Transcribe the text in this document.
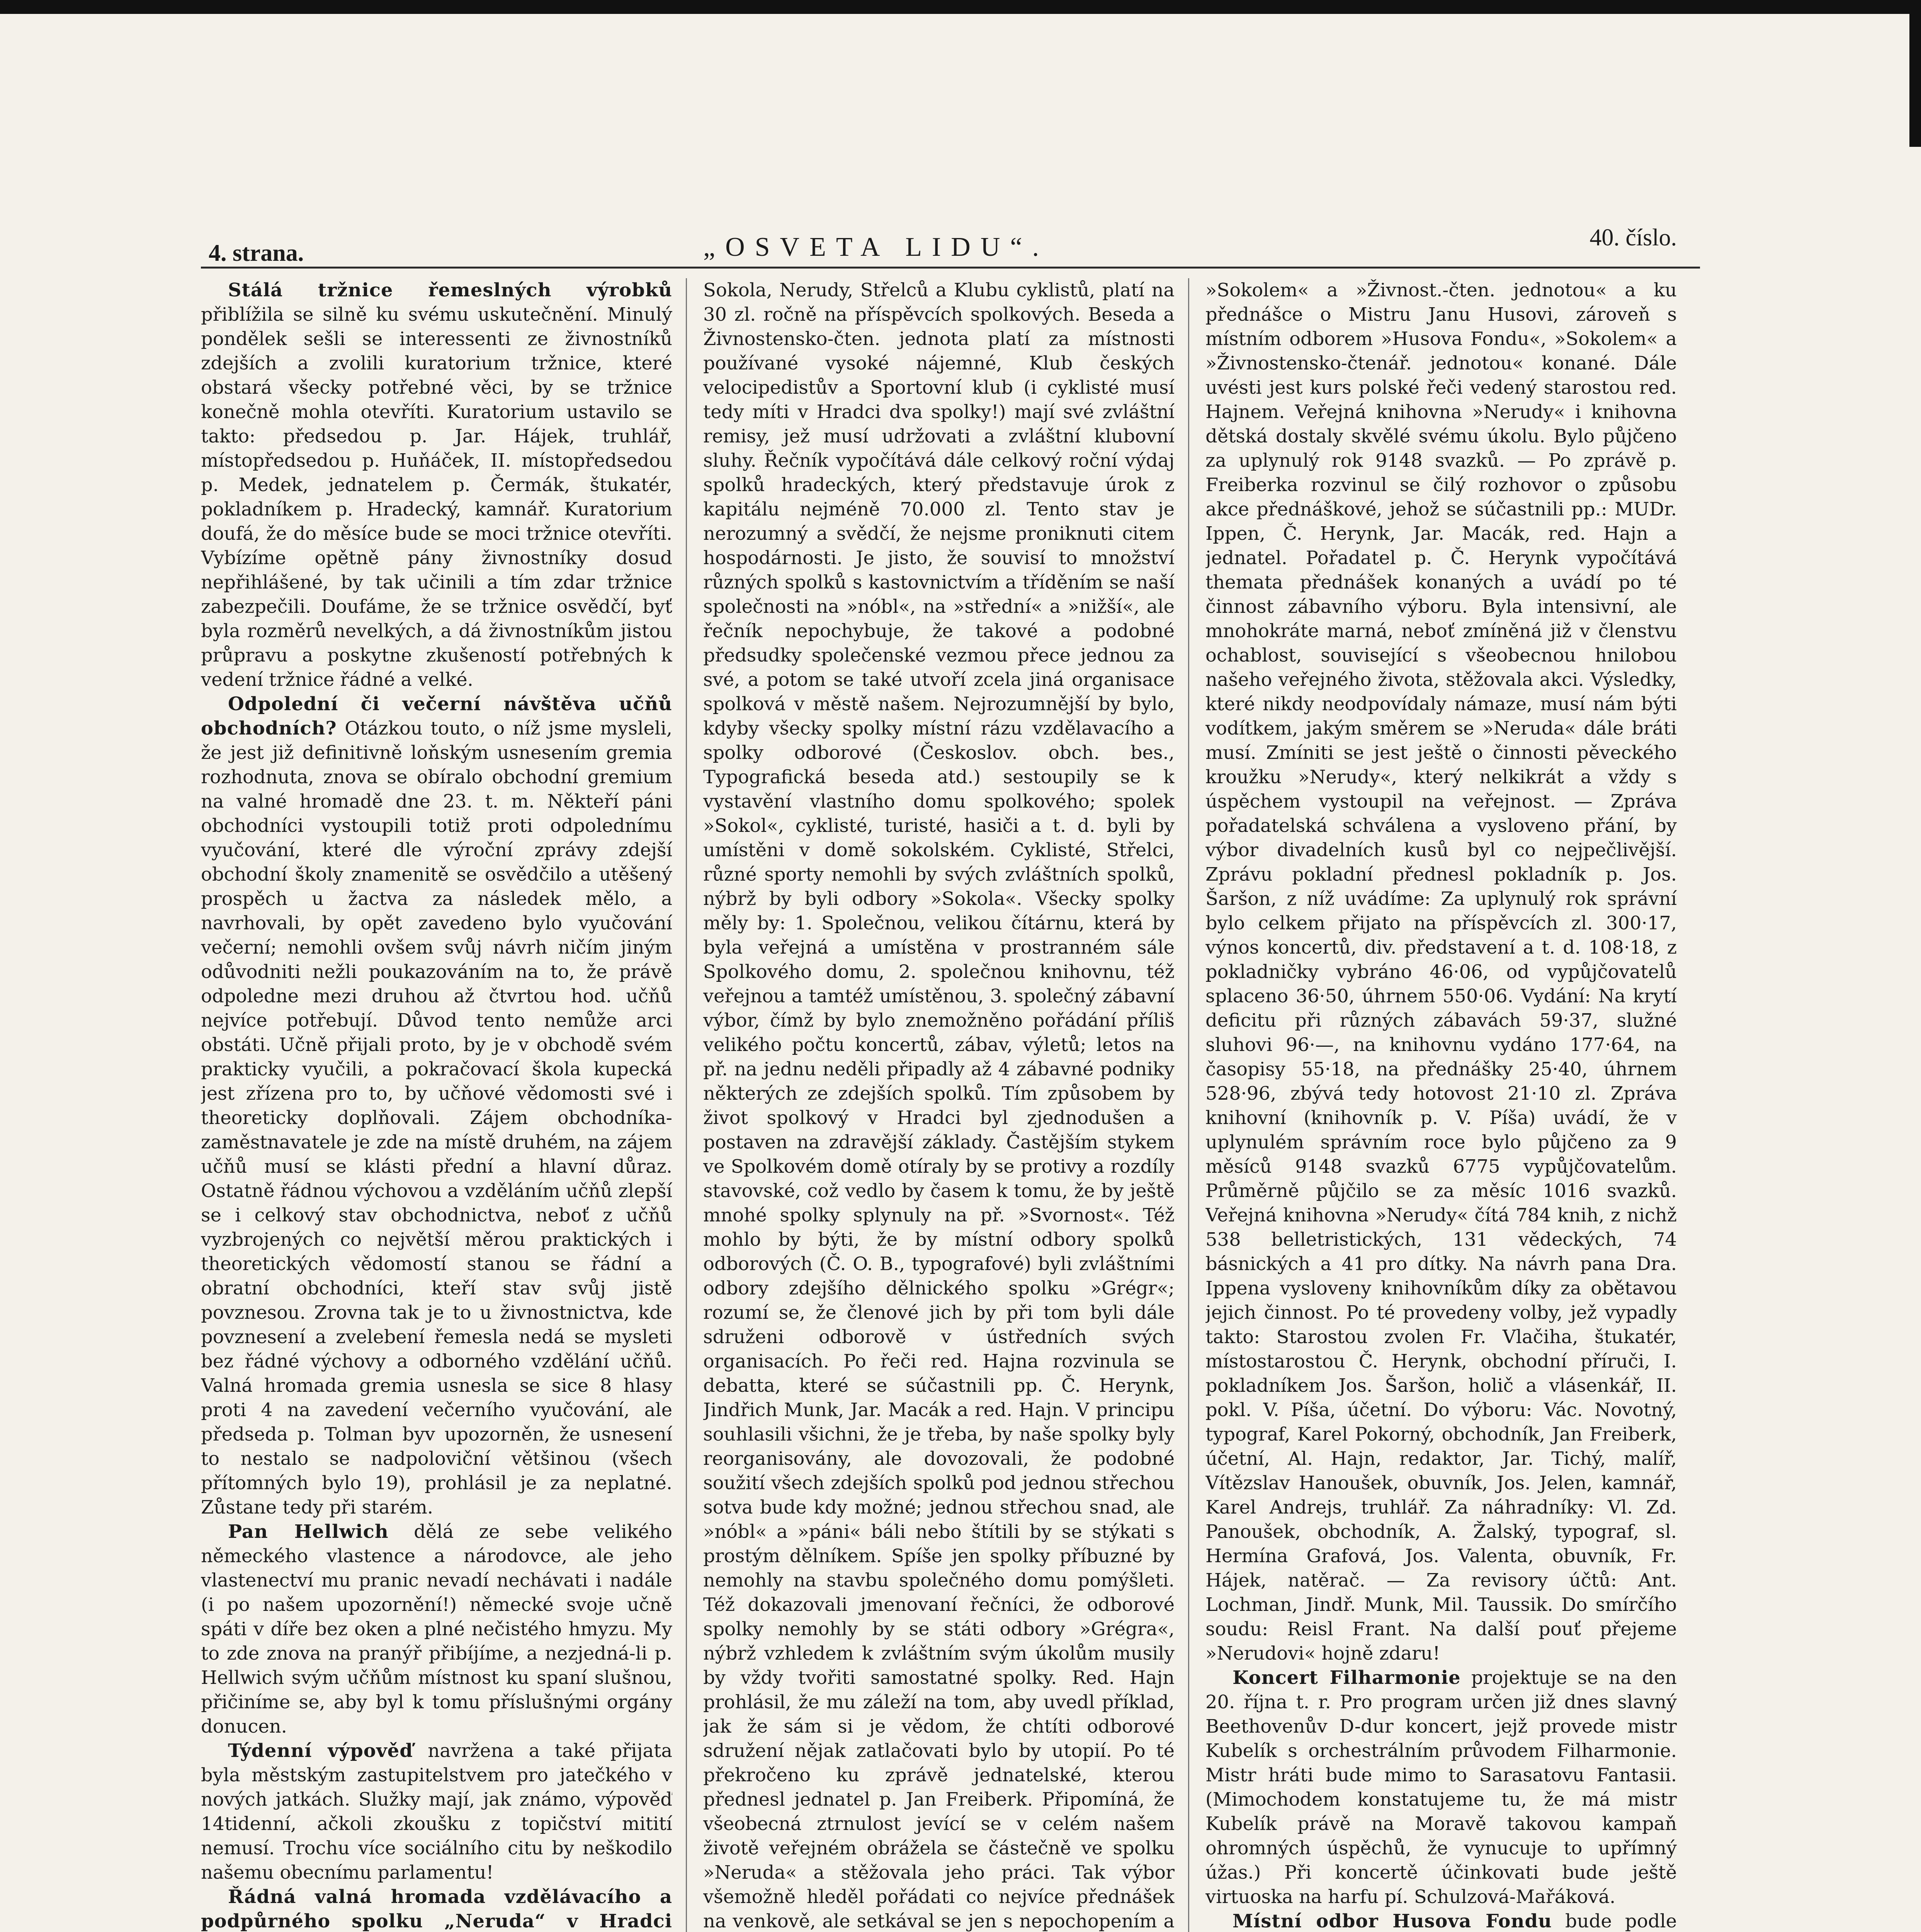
4. strana.	„OSVETA LIDU“.	40. číslo.

Stálá tržnice řemeslných výrobků přiblížila se silně ku svému uskutečnění. Minulý pondělek sešli se interessenti ze živnostníků zdejších a zvolili kuratorium tržnice, které obstará všecky potřebné věci, by se tržnice konečně mohla otevříti. Kuratorium ustavilo se takto: předsedou p. Jar. Hájek, truhlář, místopředsedou p. Huňáček, II. místopředsedou p. Medek, jednatelem p. Čermák, štukatér, pokladníkem p. Hradecký, kamnář. Kuratorium doufá, že do měsíce bude se moci tržnice otevříti. Vybízíme opětně pány živnostníky dosud nepřihlášené, by tak učinili a tím zdar tržnice zabezpečili. Doufáme, že se tržnice osvědčí, byť byla rozměrů nevelkých, a dá živnostníkům jistou průpravu a poskytne zkušeností potřebných k vedení tržnice řádné a velké.

Odpolední či večerní návštěva učňů obchodních? Otázkou touto, o níž jsme mysleli, že jest již definitivně loňským usnesením gremia rozhodnuta, znova se obíralo obchodní gremium na valné hromadě dne 23. t. m. Někteří páni obchodníci vystoupili totiž proti odpolednímu vyučování, které dle výroční zprávy zdejší obchodní školy znamenitě se osvědčilo a utěšený prospěch u žactva za následek mělo, a navrhovali, by opět zavedeno bylo vyučování večerní; nemohli ovšem svůj návrh ničím jiným odůvodniti nežli poukazováním na to, že právě odpoledne mezi druhou až čtvrtou hod. učňů nejvíce potřebují. Důvod tento nemůže arci obstáti. Učně přijali proto, by je v obchodě svém prakticky vyučili, a pokračovací škola kupecká jest zřízena pro to, by učňové vědomosti své i theoreticky doplňovali. Zájem obchodníka-zaměstnavatele je zde na místě druhém, na zájem učňů musí se klásti přední a hlavní důraz. Ostatně řádnou výchovou a vzděláním učňů zlepší se i celkový stav obchodnictva, neboť z učňů vyzbrojených co největší měrou praktických i theoretických vědomostí stanou se řádní a obratní obchodníci, kteří stav svůj jistě povznesou. Zrovna tak je to u živnostnictva, kde povznesení a zvelebení řemesla nedá se mysleti bez řádné výchovy a odborného vzdělání učňů. Valná hromada gremia usnesla se sice 8 hlasy proti 4 na zavedení večerního vyučování, ale předseda p. Tolman byv upozorněn, že usnesení to nestalo se nadpoloviční většinou (všech přítomných bylo 19), prohlásil je za neplatné. Zůstane tedy při starém.

Pan Hellwich dělá ze sebe velikého německého vlastence a národovce, ale jeho vlastenectví mu pranic nevadí nechávati i nadále (i po našem upozornění!) německé svoje učně spáti v díře bez oken a plné nečistého hmyzu. My to zde znova na pranýř přibíjíme, a nezjedná-li p. Hellwich svým učňům místnost ku spaní slušnou, přičiníme se, aby byl k tomu příslušnými orgány donucen.

Týdenní výpověď navržena a také přijata byla městským zastupitelstvem pro jatečkého v nových jatkách. Služky mají, jak známo, výpověď 14tidenní, ačkoli zkoušku z topičství mitití nemusí. Trochu více sociálního citu by neškodilo našemu obecnímu parlamentu!

Řádná valná hromada vzdělávacího a podpůrného spolku „Neruda“ v Hradci

Sokola, Nerudy, Střelců a Klubu cyklistů, platí na 30 zl. ročně na příspěvcích spolkových. Beseda a Živnostensko-čten. jednota platí za místnosti používané vysoké nájemné, Klub českých velocipedistův a Sportovní klub (i cyklisté musí tedy míti v Hradci dva spolky!) mají své zvláštní remisy, jež musí udržovati a zvláštní klubovní sluhy. Řečník vypočítává dále celkový roční výdaj spolků hradeckých, který představuje úrok z kapitálu nejméně 70.000 zl. Tento stav je nerozumný a svědčí, že nejsme proniknuti citem hospodárnosti. Je jisto, že souvisí to množství různých spolků s kastovnictvím a tříděním se naší společnosti na »nóbl«, na »střední« a »nižší«, ale řečník nepochybuje, že takové a podobné předsudky společenské vezmou přece jednou za své, a potom se také utvoří zcela jiná organisace spolková v městě našem. Nejrozumnější by bylo, kdyby všecky spolky místní rázu vzdělavacího a spolky odborové (Českoslov. obch. bes., Typografická beseda atd.) sestoupily se k vystavění vlastního domu spolkového; spolek »Sokol«, cyklisté, turisté, hasiči a t. d. byli by umístěni v domě sokolském. Cyklisté, Střelci, různé sporty nemohli by svých zvláštních spolků, nýbrž by byli odbory »Sokola«. Všecky spolky měly by: 1. Společnou, velikou čítárnu, která by byla veřejná a umístěna v prostranném sále Spolkového domu, 2. společnou knihovnu, též veřejnou a tamtéž umístěnou, 3. společný zábavní výbor, čímž by bylo znemožněno pořádání příliš velikého počtu koncertů, zábav, výletů; letos na př. na jednu neděli připadly až 4 zábavné podniky některých ze zdejších spolků. Tím způsobem by život spolkový v Hradci byl zjednodušen a postaven na zdravější základy. Častějším stykem ve Spolkovém domě otíraly by se protivy a rozdíly stavovské, což vedlo by časem k tomu, že by ještě mnohé spolky splynuly na př. »Svornost«. Též mohlo by býti, že by místní odbory spolků odborových (Č. O. B., typografové) byli zvláštními odbory zdejšího dělnického spolku »Grégr«; rozumí se, že členové jich by při tom byli dále sdruženi odborově v ústředních svých organisacích. Po řeči red. Hajna rozvinula se debatta, které se súčastnili pp. Č. Herynk, Jindřich Munk, Jar. Macák a red. Hajn. V principu souhlasili všichni, že je třeba, by naše spolky byly reorganisovány, ale dovozovali, že podobné soužití všech zdejších spolků pod jednou střechou sotva bude kdy možné; jednou střechou snad, ale »nóbl« a »páni« báli nebo štítili by se stýkati s prostým dělníkem. Spíše jen spolky příbuzné by nemohly na stavbu společného domu pomýšleti. Též dokazovali jmenovaní řečníci, že odborové spolky nemohly by se státi odbory »Grégra«, nýbrž vzhledem k zvláštním svým úkolům musily by vždy tvořiti samostatné spolky. Red. Hajn prohlásil, že mu záleží na tom, aby uvedl příklad, jak že sám si je vědom, že chtíti odborové sdružení nějak zatlačovati bylo by utopií. Po té překročeno ku zprávě jednatelské, kterou přednesl jednatel p. Jan Freiberk. Připomíná, že všeobecná ztrnulost jevící se v celém našem životě veřejném obrážela se částečně ve spolku »Neruda« a stěžovala jeho práci. Tak výbor všemožně hleděl pořádati co nejvíce přednášek na venkově, ale setkával se jen s nepochopením a

»Sokolem« a »Živnost.-čten. jednotou« a ku přednášce o Mistru Janu Husovi, zároveň s místním odborem »Husova Fondu«, »Sokolem« a »Živnostensko-čtenář. jednotou« konané. Dále uvésti jest kurs polské řeči vedený starostou red. Hajnem. Veřejná knihovna »Nerudy« i knihovna dětská dostaly skvělé svému úkolu. Bylo půjčeno za uplynulý rok 9148 svazků. — Po zprávě p. Freiberka rozvinul se čilý rozhovor o způsobu akce přednáškové, jehož se súčastnili pp.: MUDr. Ippen, Č. Herynk, Jar. Macák, red. Hajn a jednatel. Pořadatel p. Č. Herynk vypočítává themata přednášek konaných a uvádí po té činnost zábavního výboru. Byla intensivní, ale mnohokráte marná, neboť zmíněná již v členstvu ochablost, související s všeobecnou hnilobou našeho veřejného života, stěžovala akci. Výsledky, které nikdy neodpovídaly námaze, musí nám býti vodítkem, jakým směrem se »Neruda« dále bráti musí. Zmíniti se jest ještě o činnosti pěveckého kroužku »Nerudy«, který nelkikrát a vždy s úspěchem vystoupil na veřejnost. — Zpráva pořadatelská schválena a vysloveno přání, by výbor divadelních kusů byl co nejpečlivější. Zprávu pokladní přednesl pokladník p. Jos. Šaršon, z níž uvádíme: Za uplynulý rok správní bylo celkem přijato na příspěvcích zl. 300·17, výnos koncertů, div. představení a t. d. 108·18, z pokladničky vybráno 46·06, od vypůjčovatelů splaceno 36·50, úhrnem 550·06. Vydání: Na krytí deficitu při různých zábavách 59·37, služné sluhovi 96·—, na knihovnu vydáno 177·64, na časopisy 55·18, na přednášky 25·40, úhrnem 528·96, zbývá tedy hotovost 21·10 zl. Zpráva knihovní (knihovník p. V. Píša) uvádí, že v uplynulém správním roce bylo půjčeno za 9 měsíců 9148 svazků 6775 vypůjčovatelům. Průměrně půjčilo se za měsíc 1016 svazků. Veřejná knihovna »Nerudy« čítá 784 knih, z nichž 538 belletristických, 131 vědeckých, 74 básnických a 41 pro dítky. Na návrh pana Dra. Ippena vysloveny knihovníkům díky za obětavou jejich činnost. Po té provedeny volby, jež vypadly takto: Starostou zvolen Fr. Vlačiha, štukatér, místostarostou Č. Herynk, obchodní příruči, I. pokladníkem Jos. Šaršon, holič a vlásenkář, II. pokl. V. Píša, účetní. Do výboru: Vác. Novotný, typograf, Karel Pokorný, obchodník, Jan Freiberk, účetní, Al. Hajn, redaktor, Jar. Tichý, malíř, Vítězslav Hanoušek, obuvník, Jos. Jelen, kamnář, Karel Andrejs, truhlář. Za náhradníky: Vl. Zd. Panoušek, obchodník, A. Žalský, typograf, sl. Hermína Grafová, Jos. Valenta, obuvník, Fr. Hájek, natěrač. — Za revisory účtů: Ant. Lochman, Jindř. Munk, Mil. Taussik. Do smírčího soudu: Reisl Frant. Na další pouť přejeme »Nerudovi« hojně zdaru!

Koncert Filharmonie projektuje se na den 20. října t. r. Pro program určen již dnes slavný Beethovenův D-dur koncert, jejž provede mistr Kubelík s orchestrálním průvodem Filharmonie. Mistr hráti bude mimo to Sarasatovu Fantasii. (Mimochodem konstatujeme tu, že má mistr Kubelík právě na Moravě takovou kampaň ohromných úspěchů, že vynucuje to upřímný úžas.) Při koncertě účinkovati bude ještě virtuoska na harfu pí. Schulzová-Mařáková.

Místní odbor Husova Fondu bude podle
